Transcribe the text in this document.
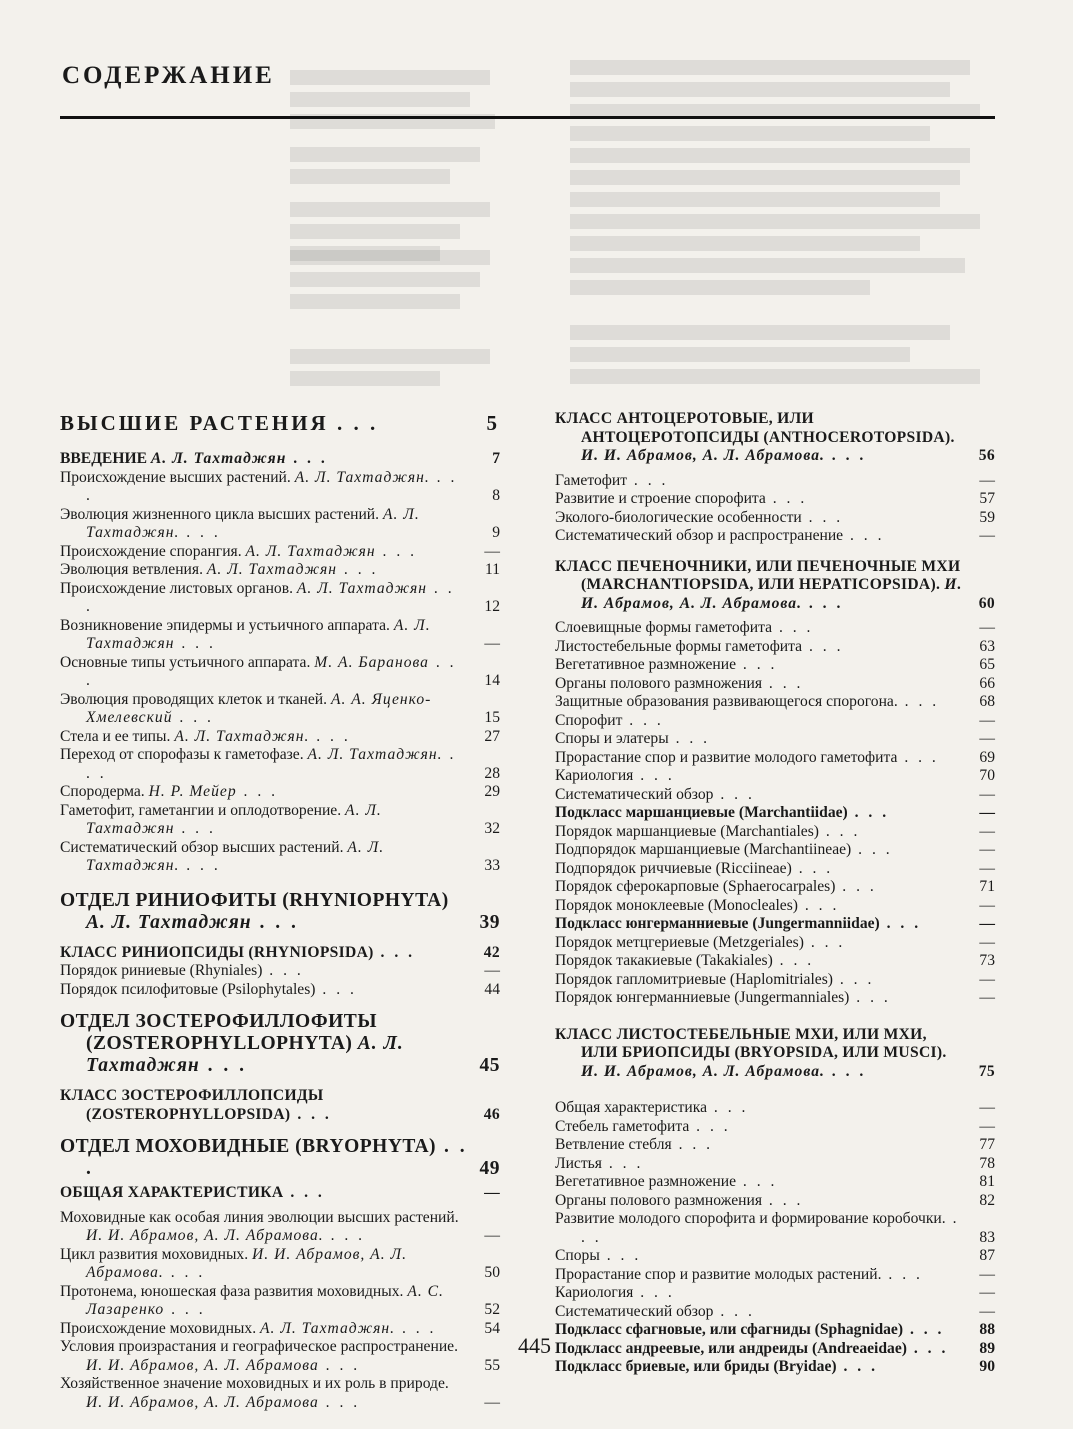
СОДЕРЖАНИЕ
ВЫСШИЕ РАСТЕНИЯ . . .	5
ВВЕДЕНИЕ А. Л. Тахтаджян . . .	7
Происхождение высших растений. А. Л. Тахтаджян. . . .	8
Эволюция жизненного цикла высших растений. А. Л. Тахтаджян. . . .	9
Происхождение спорангия. А. Л. Тахтаджян . . .	—
Эволюция ветвления. А. Л. Тахтаджян . . .	11
Происхождение листовых органов. А. Л. Тахтаджян . . .	12
Возникновение эпидермы и устьичного аппарата. А. Л. Тахтаджян . . .	—
Основные типы устьичного аппарата. М. А. Баранова . . .	14
Эволюция проводящих клеток и тканей. А. А. Яценко-Хмелевский . . .	15
Стела и ее типы. А. Л. Тахтаджян. . . .	27
Переход от спорофазы к гаметофазе. А. Л. Тахтаджян. . . .	28
Спородерма. Н. Р. Мейер . . .	29
Гаметофит, гаметангии и оплодотворение. А. Л. Тахтаджян . . .	32
Систематический обзор высших растений. А. Л. Тахтаджян. . . .	33
ОТДЕЛ РИНИОФИТЫ (RHYNIOPHYTA) А. Л. Тахтаджян . . .	39
КЛАСС РИНИОПСИДЫ (RHYNIOPSIDA) . . .	42
Порядок риниевые (Rhyniales) . . .	—
Порядок псилофитовые (Psilophytales) . . .	44
ОТДЕЛ ЗОСТЕРОФИЛЛОФИТЫ (ZOSTEROPHYLLOPHYTA) А. Л. Тахтаджян . . .	45
КЛАСС ЗОСТЕРОФИЛЛОПСИДЫ (ZOSTEROPHYLLOPSIDA) . . .	46
ОТДЕЛ МОХОВИДНЫЕ (BRYOPHYTA) . . .	49
ОБЩАЯ ХАРАКТЕРИСТИКА . . .	—
Моховидные как особая линия эволюции высших растений. И. И. Абрамов, А. Л. Абрамова. . . .	—
Цикл развития моховидных. И. И. Абрамов, А. Л. Абрамова. . . .	50
Протонема, юношеская фаза развития моховидных. А. С. Лазаренко . . .	52
Происхождение моховидных. А. Л. Тахтаджян. . . .	54
Условия произрастания и географическое распространение. И. И. Абрамов, А. Л. Абрамова . . .	55
Хозяйственное значение моховидных и их роль в природе. И. И. Абрамов, А. Л. Абрамова . . .	—
КЛАСС АНТОЦЕРОТОВЫЕ, ИЛИ АНТОЦЕРОТОПСИДЫ (ANTHOCEROTOPSIDA). И. И. Абрамов, А. Л. Абрамова. . . .	56
Гаметофит . . .	—
Развитие и строение спорофита . . .	57
Эколого-биологические особенности . . .	59
Систематический обзор и распространение . . .	—
КЛАСС ПЕЧЕНОЧНИКИ, ИЛИ ПЕЧЕНОЧНЫЕ МХИ (MARCHANTIOPSIDA, ИЛИ HEPATICOPSIDA). И. И. Абрамов, А. Л. Абрамова. . . .	60
Слоевищные формы гаметофита . . .	—
Листостебельные формы гаметофита . . .	63
Вегетативное размножение . . .	65
Органы полового размножения . . .	66
Защитные образования развивающегося спорогона. . . .	68
Спорофит . . .	—
Споры и элатеры . . .	—
Прорастание спор и развитие молодого гаметофита . . .	69
Кариология . . .	70
Систематический обзор . . .	—
Подкласс маршанциевые (Marchantiidae) . . .	—
Порядок маршанциевые (Marchantiales) . . .	—
Подпорядок маршанциевые (Marchantiineae) . . .	—
Подпорядок риччиевые (Ricciineae) . . .	—
Порядок сферокарповые (Sphaerocarpales) . . .	71
Порядок моноклеевые (Monocleales) . . .	—
Подкласс юнгерманниевые (Jungermanniidae) . . .	—
Порядок метцгериевые (Metzgeriales) . . .	—
Порядок такакиевые (Takakiales) . . .	73
Порядок гапломитриевые (Haplomitriales) . . .	—
Порядок юнгерманниевые (Jungermanniales) . . .	—
КЛАСС ЛИСТОСТЕБЕЛЬНЫЕ МХИ, ИЛИ МХИ, ИЛИ БРИОПСИДЫ (BRYOPSIDA, ИЛИ MUSCI). И. И. Абрамов, А. Л. Абрамова. . . .	75
Общая характеристика . . .	—
Стебель гаметофита . . .	—
Ветвление стебля . . .	77
Листья . . .	78
Вегетативное размножение . . .	81
Органы полового размножения . . .	82
Развитие молодого спорофита и формирование коробочки. . . .	83
Споры . . .	87
Прорастание спор и развитие молодых растений. . . .	—
Кариология . . .	—
Систематический обзор . . .	—
Подкласс сфагновые, или сфагниды (Sphagnidae) . . .	88
Подкласс андреевые, или андреиды (Andreaeidae) . . .	89
Подкласс бриевые, или бриды (Bryidae) . . .	90
445
